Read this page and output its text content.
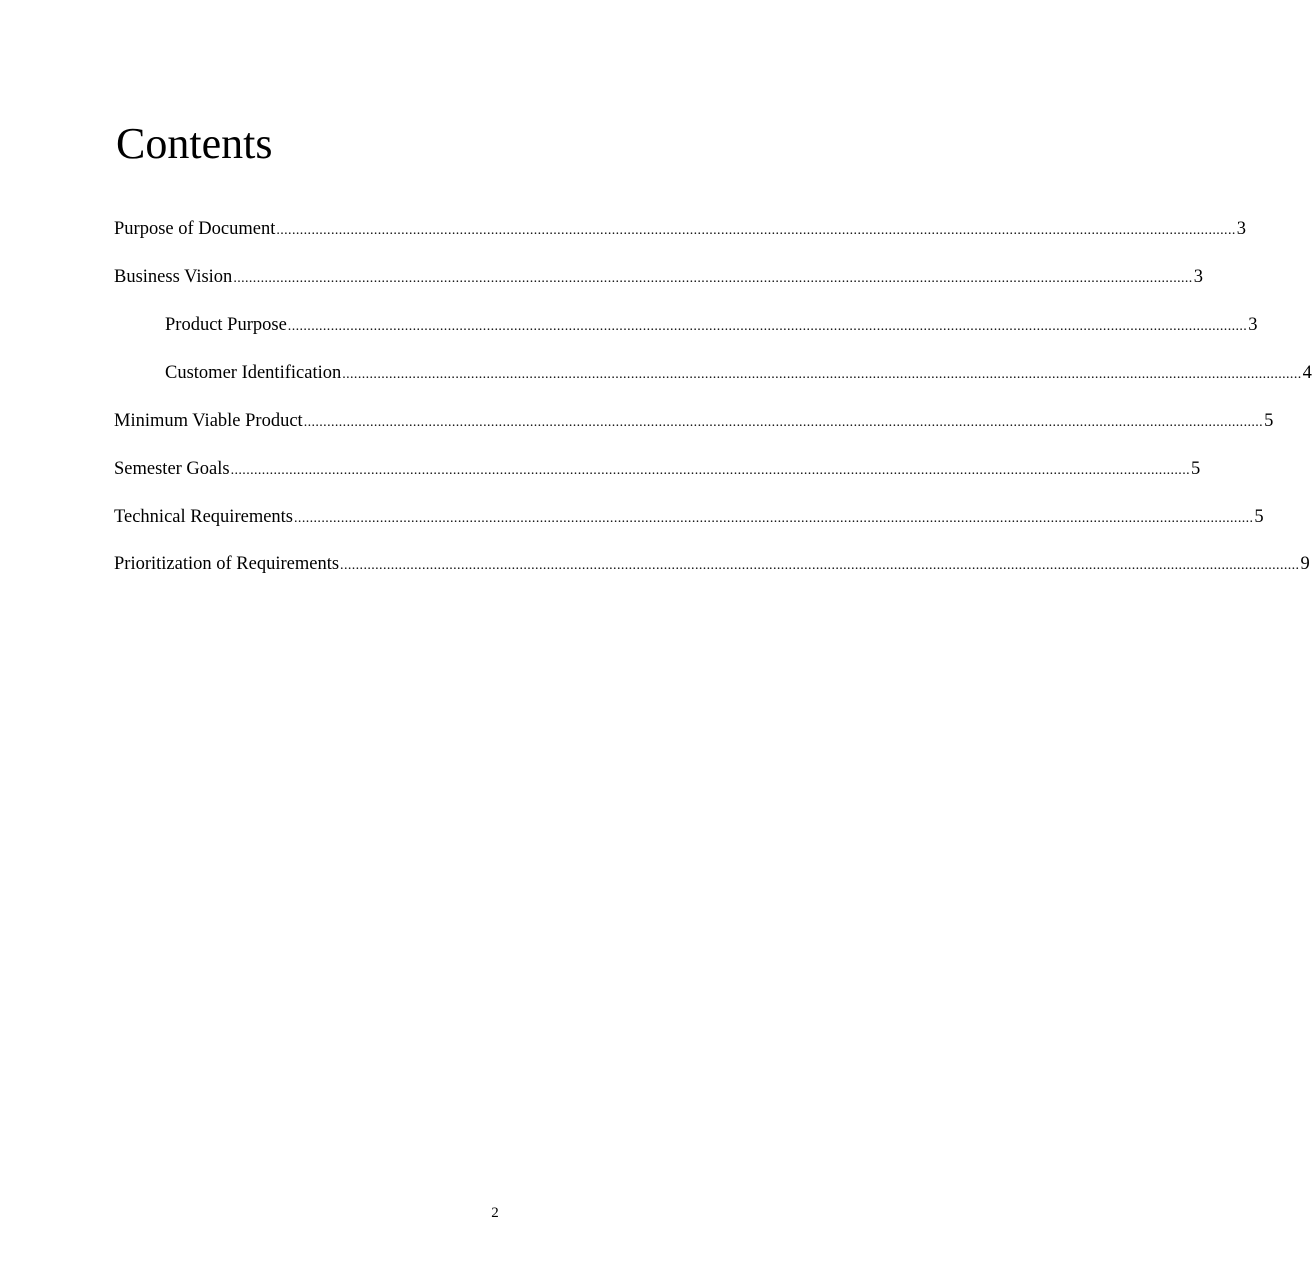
Contents
Purpose of Document ...................................................................................................................................................................................................................................................... 3
Business Vision ...................................................................................................................................................................................................................................................... 3
Product Purpose ...................................................................................................................................................................................................................................................... 3
Customer Identification ...................................................................................................................................................................................................................................................... 4
Minimum Viable Product ...................................................................................................................................................................................................................................................... 5
Semester Goals ...................................................................................................................................................................................................................................................... 5
Technical Requirements ...................................................................................................................................................................................................................................................... 5
Prioritization of Requirements ...................................................................................................................................................................................................................................................... 9
2
